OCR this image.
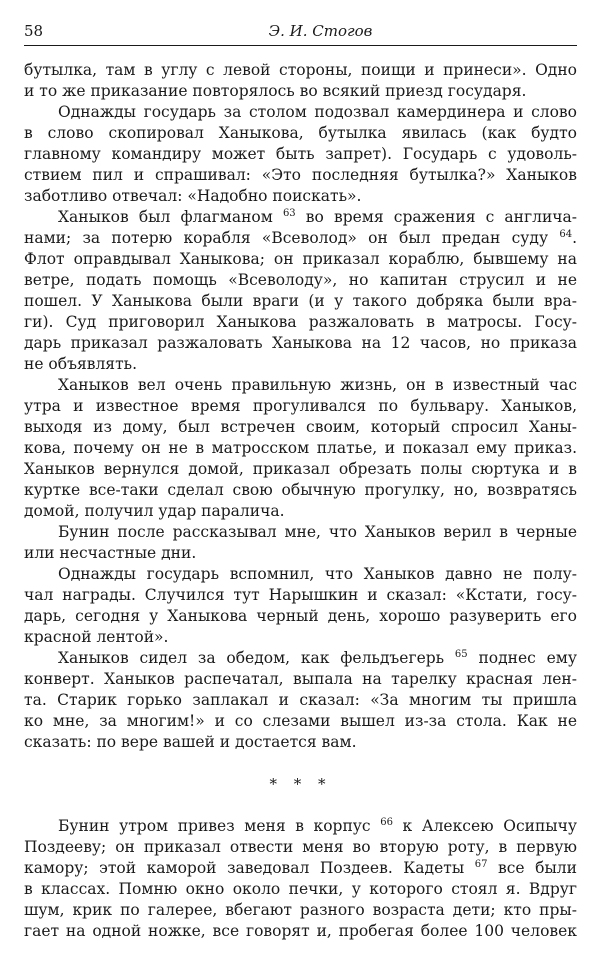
58	Э. И. Стогов
бутылка, там в углу с левой стороны, поищи и принеси». Одно
и то же приказание повторялось во всякий приезд государя.
Однажды государь за столом подозвал камердинера и слово
в слово скопировал Ханыкова, бутылка явилась (как будто
главному командиру может быть запрет). Государь с удоволь-
ствием пил и спрашивал: «Это последняя бутылка?» Ханыков
заботливо отвечал: «Надобно поискать».
Ханыков был флагманом $^{63}$ во время сражения с англича-
нами; за потерю корабля «Всеволод» он был предан суду $^{64}$.
Флот оправдывал Ханыкова; он приказал кораблю, бывшему на
ветре, подать помощь «Всеволоду», но капитан струсил и не
пошел. У Ханыкова были враги (и у такого добряка были вра-
ги). Суд приговорил Ханыкова разжаловать в матросы. Госу-
дарь приказал разжаловать Ханыкова на 12 часов, но приказа
не объявлять.
Ханыков вел очень правильную жизнь, он в известный час
утра и известное время прогуливался по бульвару. Ханыков,
выходя из дому, был встречен своим, который спросил Ханы-
кова, почему он не в матросском платье, и показал ему приказ.
Ханыков вернулся домой, приказал обрезать полы сюртука и в
куртке все-таки сделал свою обычную прогулку, но, возвратясь
домой, получил удар паралича.
Бунин после рассказывал мне, что Ханыков верил в черные
или несчастные дни.
Однажды государь вспомнил, что Ханыков давно не полу-
чал награды. Случился тут Нарышкин и сказал: «Кстати, госу-
дарь, сегодня у Ханыкова черный день, хорошо разуверить его
красной лентой».
Ханыков сидел за обедом, как фельдъегерь $^{65}$ поднес ему
конверт. Ханыков распечатал, выпала на тарелку красная лен-
та. Старик горько заплакал и сказал: «За многим ты пришла
ко мне, за многим!» и со слезами вышел из-за стола. Как не
сказать: по вере вашей и достается вам.
* * *
Бунин утром привез меня в корпус $^{66}$ к Алексею Осипычу
Поздееву; он приказал отвести меня во вторую роту, в первую
камору; этой каморой заведовал Поздеев. Кадеты $^{67}$ все были
в классах. Помню окно около печки, у которого стоял я. Вдруг
шум, крик по галерее, вбегают разного возраста дети; кто пры-
гает на одной ножке, все говорят и, пробегая более 100 человек
